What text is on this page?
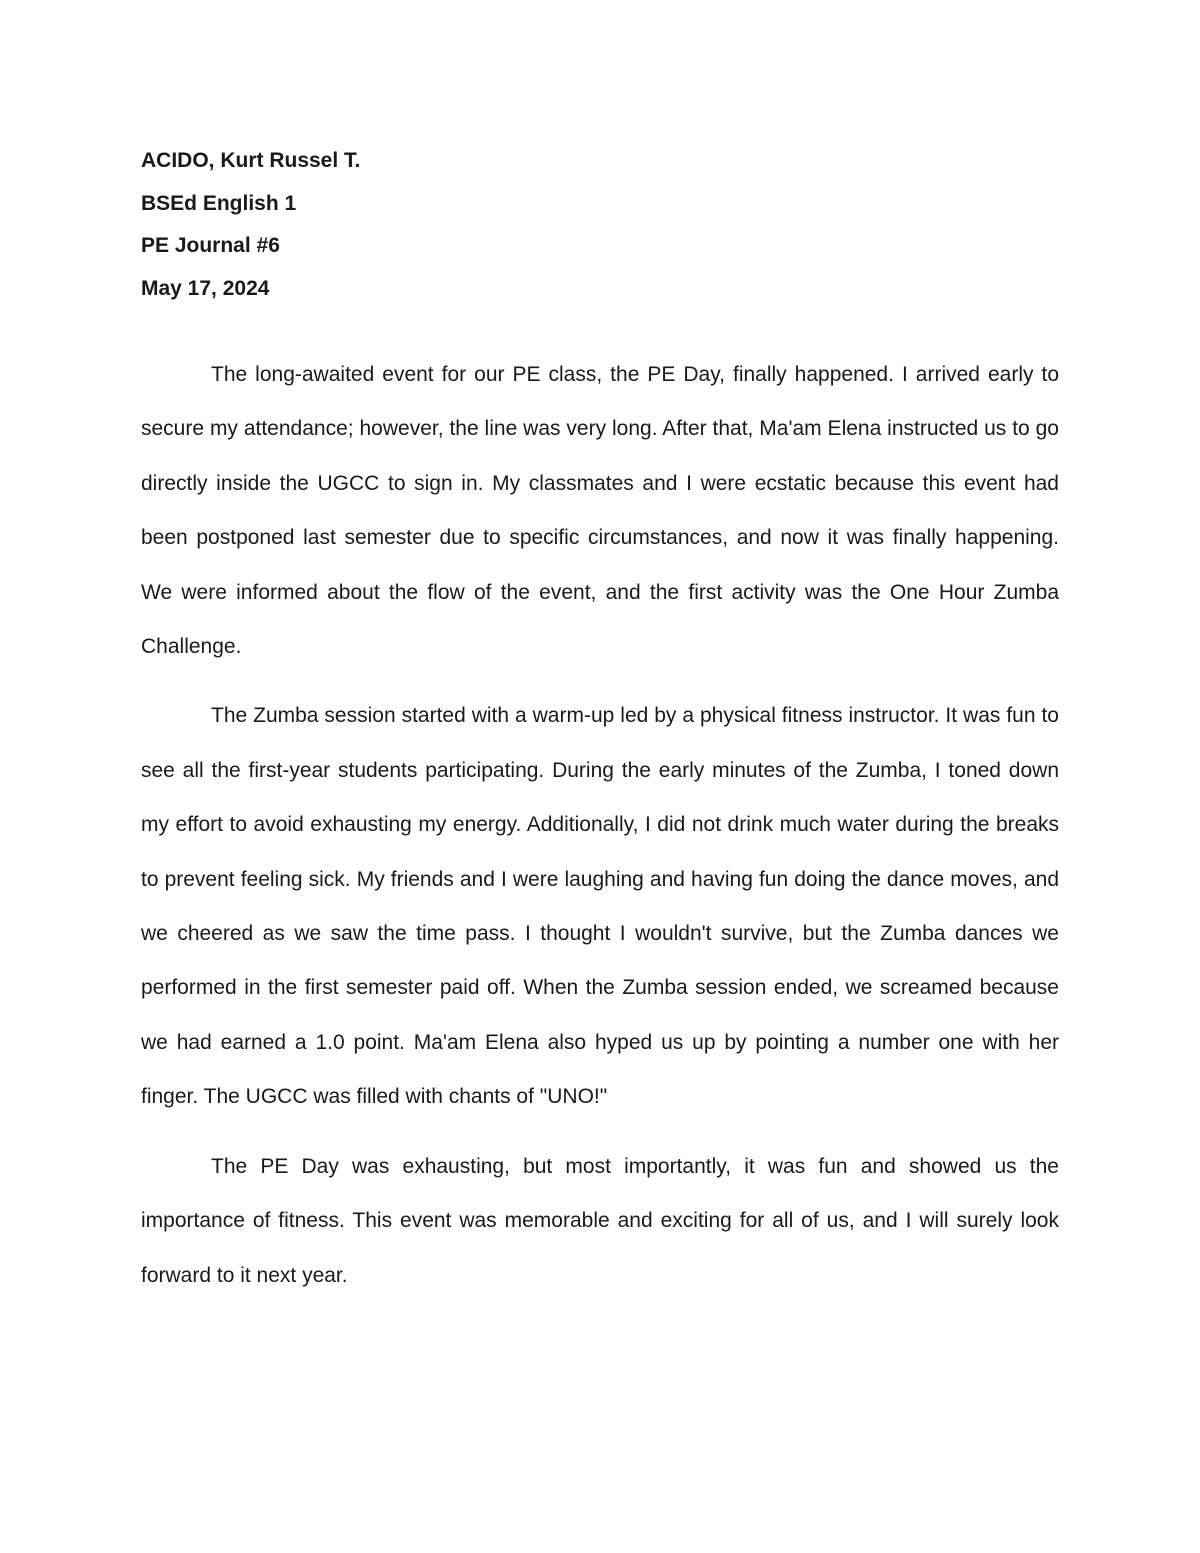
ACIDO, Kurt Russel T.
BSEd English 1
PE Journal #6
May 17, 2024

The long-awaited event for our PE class, the PE Day, finally happened. I arrived early to secure my attendance; however, the line was very long. After that, Ma'am Elena instructed us to go directly inside the UGCC to sign in. My classmates and I were ecstatic because this event had been postponed last semester due to specific circumstances, and now it was finally happening. We were informed about the flow of the event, and the first activity was the One Hour Zumba Challenge.

The Zumba session started with a warm-up led by a physical fitness instructor. It was fun to see all the first-year students participating. During the early minutes of the Zumba, I toned down my effort to avoid exhausting my energy. Additionally, I did not drink much water during the breaks to prevent feeling sick. My friends and I were laughing and having fun doing the dance moves, and we cheered as we saw the time pass. I thought I wouldn't survive, but the Zumba dances we performed in the first semester paid off. When the Zumba session ended, we screamed because we had earned a 1.0 point. Ma'am Elena also hyped us up by pointing a number one with her finger. The UGCC was filled with chants of "UNO!"

The PE Day was exhausting, but most importantly, it was fun and showed us the importance of fitness. This event was memorable and exciting for all of us, and I will surely look forward to it next year.
